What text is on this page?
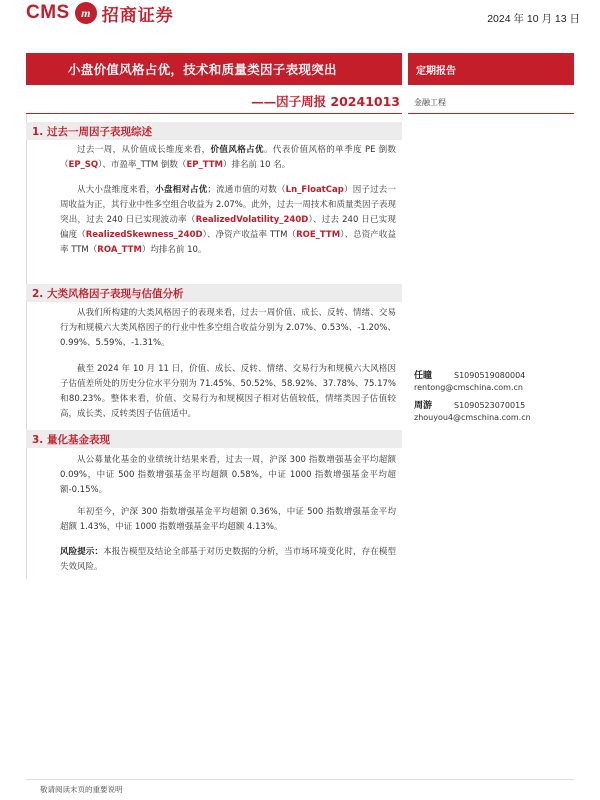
CMS m 招商证券	2024 年 10 月 13 日
小盘价值风格占优，技术和质量类因子表现突出
——因子周报 20241013
定期报告
金融工程
1. 过去一周因子表现综述
过去一周，从价值成长维度来看，价值风格占优。代表价值风格的单季度 PE 倒数（EP_SQ）、市盈率_TTM 倒数（EP_TTM）排名前 10 名。
从大小盘维度来看，小盘相对占优；流通市值的对数（Ln_FloatCap）因子过去一周收益为正，其行业中性多空组合收益为 2.07%。此外，过去一周技术和质量类因子表现突出，过去 240 日已实现波动率（RealizedVolatility_240D）、过去 240 日已实现偏度（RealizedSkewness_240D）、净资产收益率 TTM（ROE_TTM）、总资产收益率 TTM（ROA_TTM）均排名前 10。
2. 大类风格因子表现与估值分析
从我们所构建的大类风格因子的表现来看，过去一周价值、成长、反转、情绪、交易行为和规模六大类风格因子的行业中性多空组合收益分别为 2.07%、0.53%、-1.20%、0.99%、5.59%、-1.31%。
截至 2024 年 10 月 11 日，价值、成长、反转、情绪、交易行为和规模六大风格因子估值差所处的历史分位水平分别为 71.45%、50.52%、58.92%、37.78%、75.17%和80.23%。整体来看，价值、交易行为和规模因子相对估值较低，情绪类因子估值较高，成长类、反转类因子估值适中。
任瞳	S1090519080004
rentong@cmschina.com.cn
周游	S1090523070015
zhouyou4@cmschina.com.cn
3. 量化基金表现
从公募量化基金的业绩统计结果来看，过去一周，沪深 300 指数增强基金平均超额 0.09%，中证 500 指数增强基金平均超额 0.58%，中证 1000 指数增强基金平均超额-0.15%。
年初至今，沪深 300 指数增强基金平均超额 0.36%，中证 500 指数增强基金平均超额 1.43%，中证 1000 指数增强基金平均超额 4.13%。
风险提示：本报告模型及结论全部基于对历史数据的分析，当市场环境变化时，存在模型失效风险。
敬请阅读末页的重要说明
